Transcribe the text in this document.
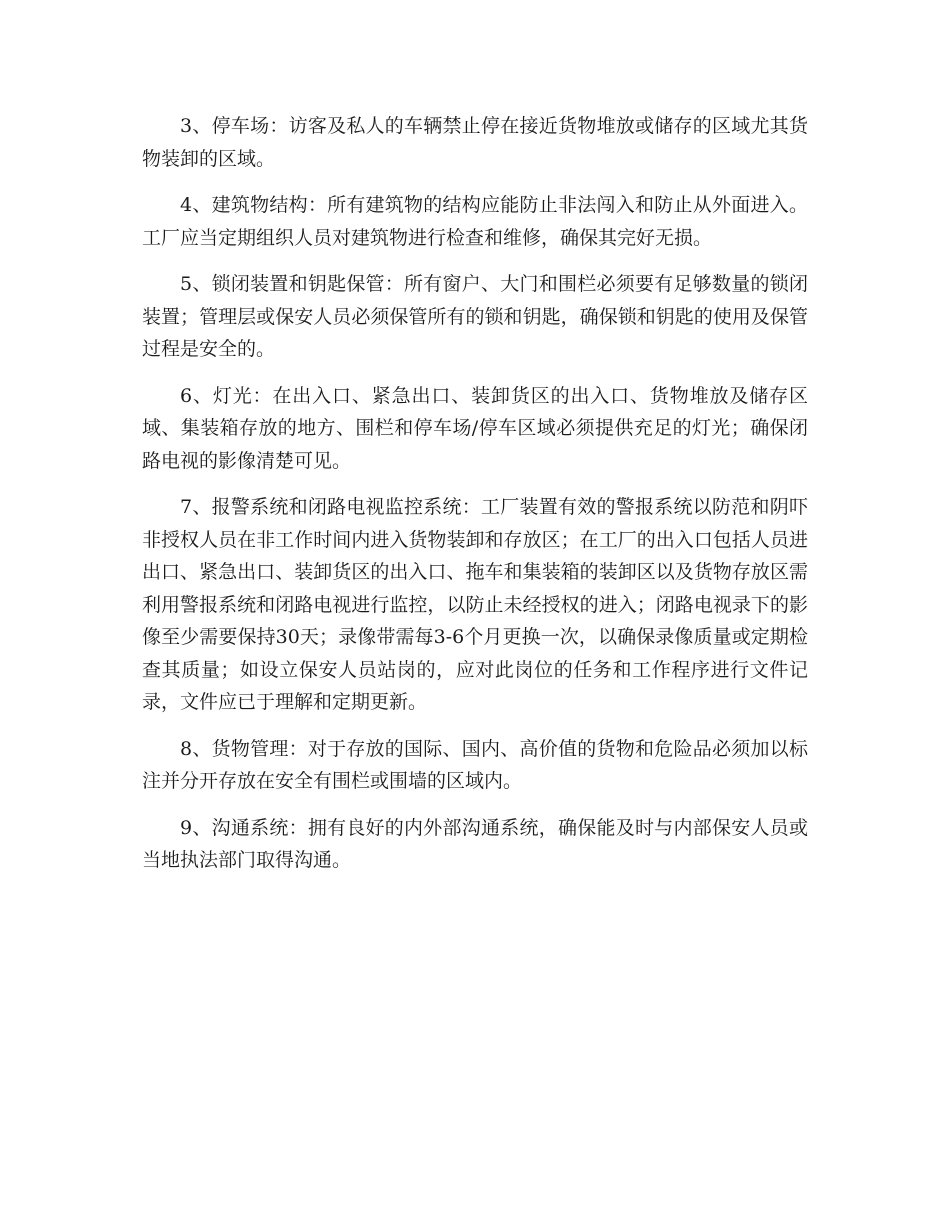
3、停车场：访客及私人的车辆禁止停在接近货物堆放或储存的区域尤其货物装卸的区域。

4、建筑物结构：所有建筑物的结构应能防止非法闯入和防止从外面进入。工厂应当定期组织人员对建筑物进行检查和维修，确保其完好无损。

5、锁闭装置和钥匙保管：所有窗户、大门和围栏必须要有足够数量的锁闭装置；管理层或保安人员必须保管所有的锁和钥匙，确保锁和钥匙的使用及保管过程是安全的。

6、灯光：在出入口、紧急出口、装卸货区的出入口、货物堆放及储存区域、集装箱存放的地方、围栏和停车场/停车区域必须提供充足的灯光；确保闭路电视的影像清楚可见。

7、报警系统和闭路电视监控系统：工厂装置有效的警报系统以防范和阴吓非授权人员在非工作时间内进入货物装卸和存放区；在工厂的出入口包括人员进出口、紧急出口、装卸货区的出入口、拖车和集装箱的装卸区以及货物存放区需利用警报系统和闭路电视进行监控，以防止未经授权的进入；闭路电视录下的影像至少需要保持30天；录像带需每3-6个月更换一次，以确保录像质量或定期检查其质量；如设立保安人员站岗的，应对此岗位的任务和工作程序进行文件记录，文件应已于理解和定期更新。

8、货物管理：对于存放的国际、国内、高价值的货物和危险品必须加以标注并分开存放在安全有围栏或围墙的区域内。

9、沟通系统：拥有良好的内外部沟通系统，确保能及时与内部保安人员或当地执法部门取得沟通。
